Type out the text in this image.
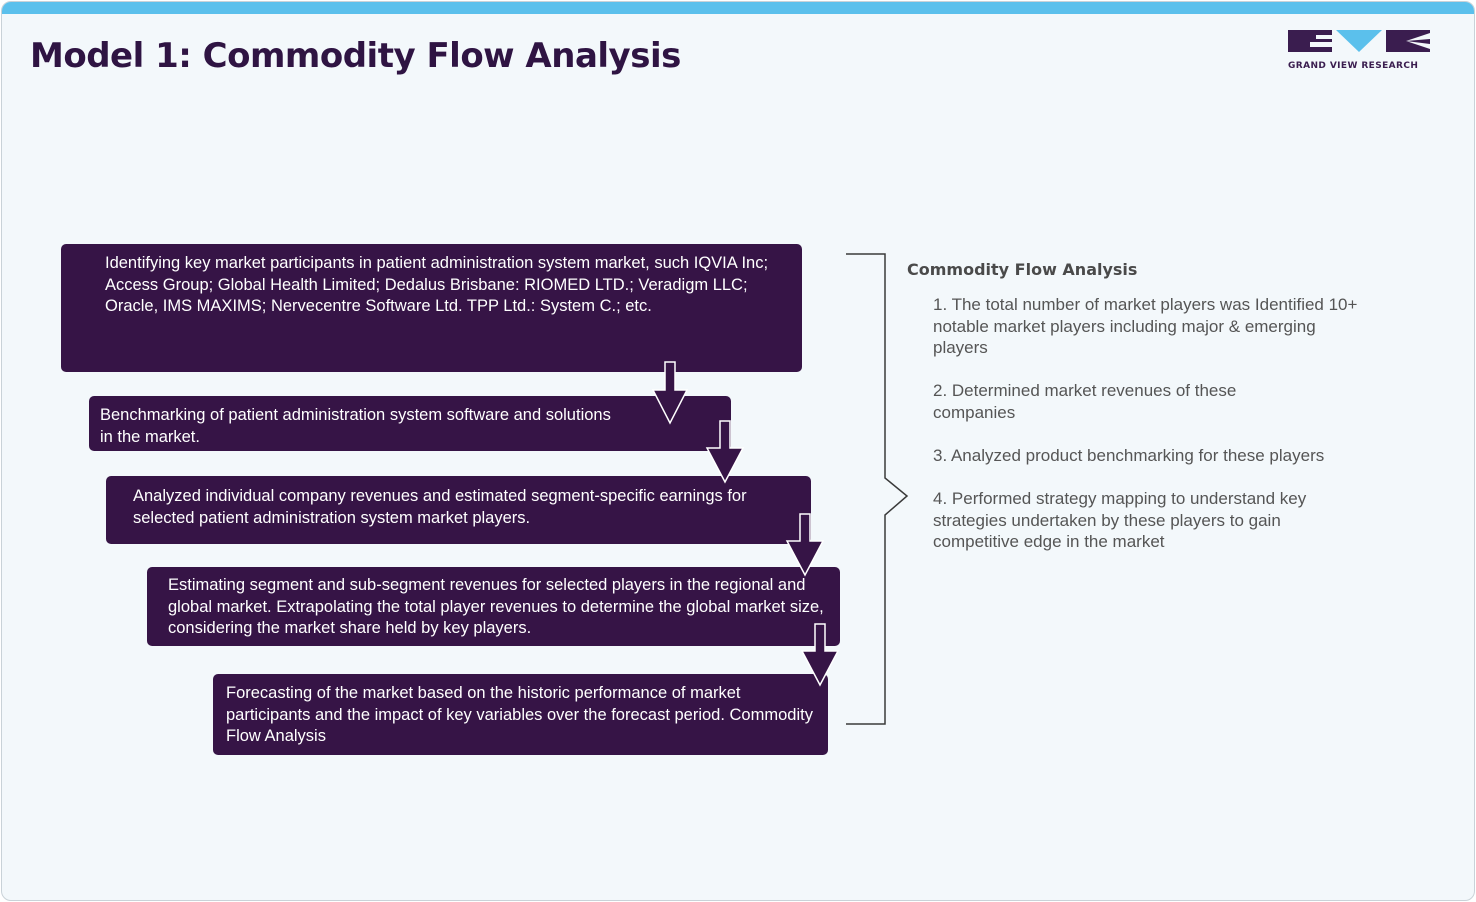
Model 1: Commodity Flow Analysis	GRAND VIEW RESEARCH
Identifying key market participants in patient administration system market, such IQVIA Inc; Access Group; Global Health Limited; Dedalus Brisbane: RIOMED LTD.; Veradigm LLC; Oracle, IMS MAXIMS; Nervecentre Software Ltd. TPP Ltd.: System C.; etc.
Benchmarking of patient administration system software and solutions in the market.
Analyzed individual company revenues and estimated segment-specific earnings for selected patient administration system market players.
Estimating segment and sub-segment revenues for selected players in the regional and global market. Extrapolating the total player revenues to determine the global market size, considering the market share held by key players.
Forecasting of the market based on the historic performance of market participants and the impact of key variables over the forecast period. Commodity Flow Analysis
Commodity Flow Analysis

1. The total number of market players was Identified 10+ notable market players including major & emerging players

2. Determined market revenues of these companies

3. Analyzed product benchmarking for these players

4. Performed strategy mapping to understand key strategies undertaken by these players to gain competitive edge in the market
